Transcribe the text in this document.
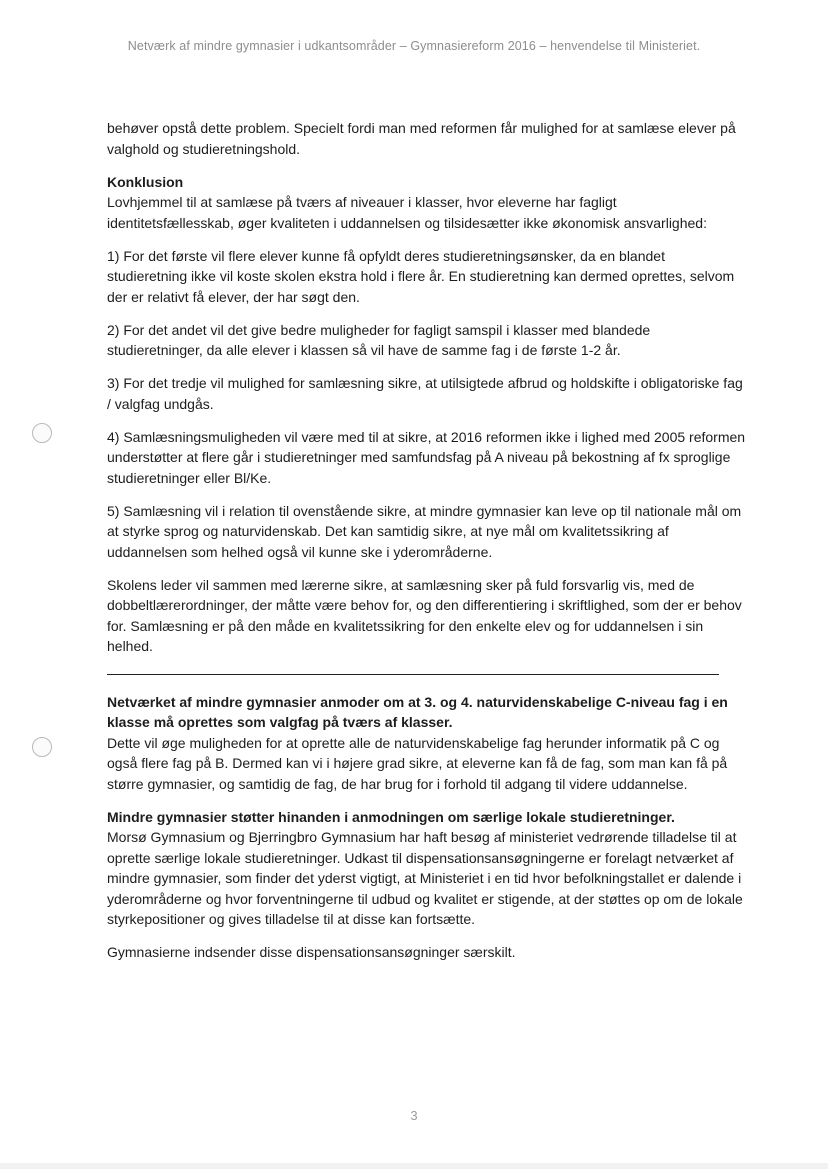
Netværk af mindre gymnasier i udkantsområder – Gymnasiereform 2016 – henvendelse til Ministeriet.

behøver opstå dette problem. Specielt fordi man med reformen får mulighed for at samlæse elever på valghold og studieretningshold.

Konklusion
Lovhjemmel til at samlæse på tværs af niveauer i klasser, hvor eleverne har fagligt identitetsfællesskab, øger kvaliteten i uddannelsen og tilsidesætter ikke økonomisk ansvarlighed:

1) For det første vil flere elever kunne få opfyldt deres studieretningsønsker, da en blandet studieretning ikke vil koste skolen ekstra hold i flere år. En studieretning kan dermed oprettes, selvom der er relativt få elever, der har søgt den.

2) For det andet vil det give bedre muligheder for fagligt samspil i klasser med blandede studieretninger, da alle elever i klassen så vil have de samme fag i de første 1-2 år.

3) For det tredje vil mulighed for samlæsning sikre, at utilsigtede afbrud og holdskifte i obligatoriske fag / valgfag undgås.

4) Samlæsningsmuligheden vil være med til at sikre, at 2016 reformen ikke i lighed med 2005 reformen understøtter at flere går i studieretninger med samfundsfag på A niveau på bekostning af fx sproglige studieretninger eller Bl/Ke.

5) Samlæsning vil i relation til ovenstående sikre, at mindre gymnasier kan leve op til nationale mål om at styrke sprog og naturvidenskab. Det kan samtidig sikre, at nye mål om kvalitetssikring af uddannelsen som helhed også vil kunne ske i yderområderne.

Skolens leder vil sammen med lærerne sikre, at samlæsning sker på fuld forsvarlig vis, med de dobbeltlærerordninger, der måtte være behov for, og den differentiering i skriftlighed, som der er behov for. Samlæsning er på den måde en kvalitetssikring for den enkelte elev og for uddannelsen i sin helhed.

Netværket af mindre gymnasier anmoder om at 3. og 4. naturvidenskabelige C-niveau fag i en klasse må oprettes som valgfag på tværs af klasser.
Dette vil øge muligheden for at oprette alle de naturvidenskabelige fag herunder informatik på C og også flere fag på B. Dermed kan vi i højere grad sikre, at eleverne kan få de fag, som man kan få på større gymnasier, og samtidig de fag, de har brug for i forhold til adgang til videre uddannelse.

Mindre gymnasier støtter hinanden i anmodningen om særlige lokale studieretninger.
Morsø Gymnasium og Bjerringbro Gymnasium har haft besøg af ministeriet vedrørende tilladelse til at oprette særlige lokale studieretninger. Udkast til dispensationsansøgningerne er forelagt netværket af mindre gymnasier, som finder det yderst vigtigt, at Ministeriet i en tid hvor befolkningstallet er dalende i yderområderne og hvor forventningerne til udbud og kvalitet er stigende, at der støttes op om de lokale styrkepositioner og gives tilladelse til at disse kan fortsætte.

Gymnasierne indsender disse dispensationsansøgninger særskilt.

3
